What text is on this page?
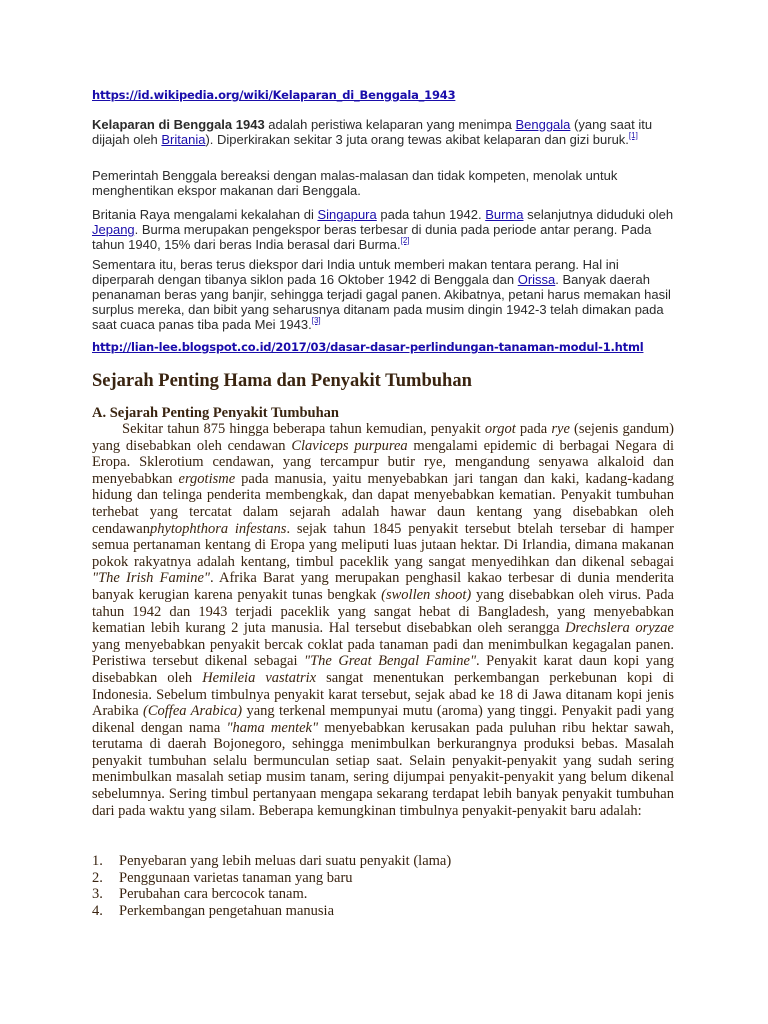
https://id.wikipedia.org/wiki/Kelaparan_di_Benggala_1943

Kelaparan di Benggala 1943 adalah peristiwa kelaparan yang menimpa Benggala (yang saat itu dijajah oleh Britania). Diperkirakan sekitar 3 juta orang tewas akibat kelaparan dan gizi buruk.[1]

Pemerintah Benggala bereaksi dengan malas-malasan dan tidak kompeten, menolak untuk menghentikan ekspor makanan dari Benggala.

Britania Raya mengalami kekalahan di Singapura pada tahun 1942. Burma selanjutnya diduduki oleh Jepang. Burma merupakan pengekspor beras terbesar di dunia pada periode antar perang. Pada tahun 1940, 15% dari beras India berasal dari Burma.[2]

Sementara itu, beras terus diekspor dari India untuk memberi makan tentara perang. Hal ini diperparah dengan tibanya siklon pada 16 Oktober 1942 di Benggala dan Orissa. Banyak daerah penanaman beras yang banjir, sehingga terjadi gagal panen. Akibatnya, petani harus memakan hasil surplus mereka, dan bibit yang seharusnya ditanam pada musim dingin 1942-3 telah dimakan pada saat cuaca panas tiba pada Mei 1943.[3]

http://lian-lee.blogspot.co.id/2017/03/dasar-dasar-perlindungan-tanaman-modul-1.html
Sejarah Penting Hama dan Penyakit Tumbuhan
A. Sejarah Penting Penyakit Tumbuhan

Sekitar tahun 875 hingga beberapa tahun kemudian, penyakit orgot pada rye (sejenis gandum) yang disebabkan oleh cendawan Claviceps purpurea mengalami epidemic di berbagai Negara di Eropa. Sklerotium cendawan, yang tercampur butir rye, mengandung senyawa alkaloid dan menyebabkan ergotisme pada manusia, yaitu menyebabkan jari tangan dan kaki, kadang-kadang hidung dan telinga penderita membengkak, dan dapat menyebabkan kematian. Penyakit tumbuhan terhebat yang tercatat dalam sejarah adalah hawar daun kentang yang disebabkan oleh cendawanphytophthora infestans. sejak tahun 1845 penyakit tersebut btelah tersebar di hamper semua pertanaman kentang di Eropa yang meliputi luas jutaan hektar. Di Irlandia, dimana makanan pokok rakyatnya adalah kentang, timbul paceklik yang sangat menyedihkan dan dikenal sebagai "The Irish Famine". Afrika Barat yang merupakan penghasil kakao terbesar di dunia menderita banyak kerugian karena penyakit tunas bengkak (swollen shoot) yang disebabkan oleh virus. Pada tahun 1942 dan 1943 terjadi paceklik yang sangat hebat di Bangladesh, yang menyebabkan kematian lebih kurang 2 juta manusia. Hal tersebut disebabkan oleh serangga Drechslera oryzae yang menyebabkan penyakit bercak coklat pada tanaman padi dan menimbulkan kegagalan panen. Peristiwa tersebut dikenal sebagai "The Great Bengal Famine". Penyakit karat daun kopi yang disebabkan oleh Hemileia vastatrix sangat menentukan perkembangan perkebunan kopi di Indonesia. Sebelum timbulnya penyakit karat tersebut, sejak abad ke 18 di Jawa ditanam kopi jenis Arabika (Coffea Arabica) yang terkenal mempunyai mutu (aroma) yang tinggi. Penyakit padi yang dikenal dengan nama "hama mentek" menyebabkan kerusakan pada puluhan ribu hektar sawah, terutama di daerah Bojonegoro, sehingga menimbulkan berkurangnya produksi bebas. Masalah penyakit tumbuhan selalu bermunculan setiap saat. Selain penyakit-penyakit yang sudah sering menimbulkan masalah setiap musim tanam, sering dijumpai penyakit-penyakit yang belum dikenal sebelumnya. Sering timbul pertanyaan mengapa sekarang terdapat lebih banyak penyakit tumbuhan dari pada waktu yang silam. Beberapa kemungkinan timbulnya penyakit-penyakit baru adalah:

1. Penyebaran yang lebih meluas dari suatu penyakit (lama)
2. Penggunaan varietas tanaman yang baru
3. Perubahan cara bercocok tanam.
4. Perkembangan pengetahuan manusia
